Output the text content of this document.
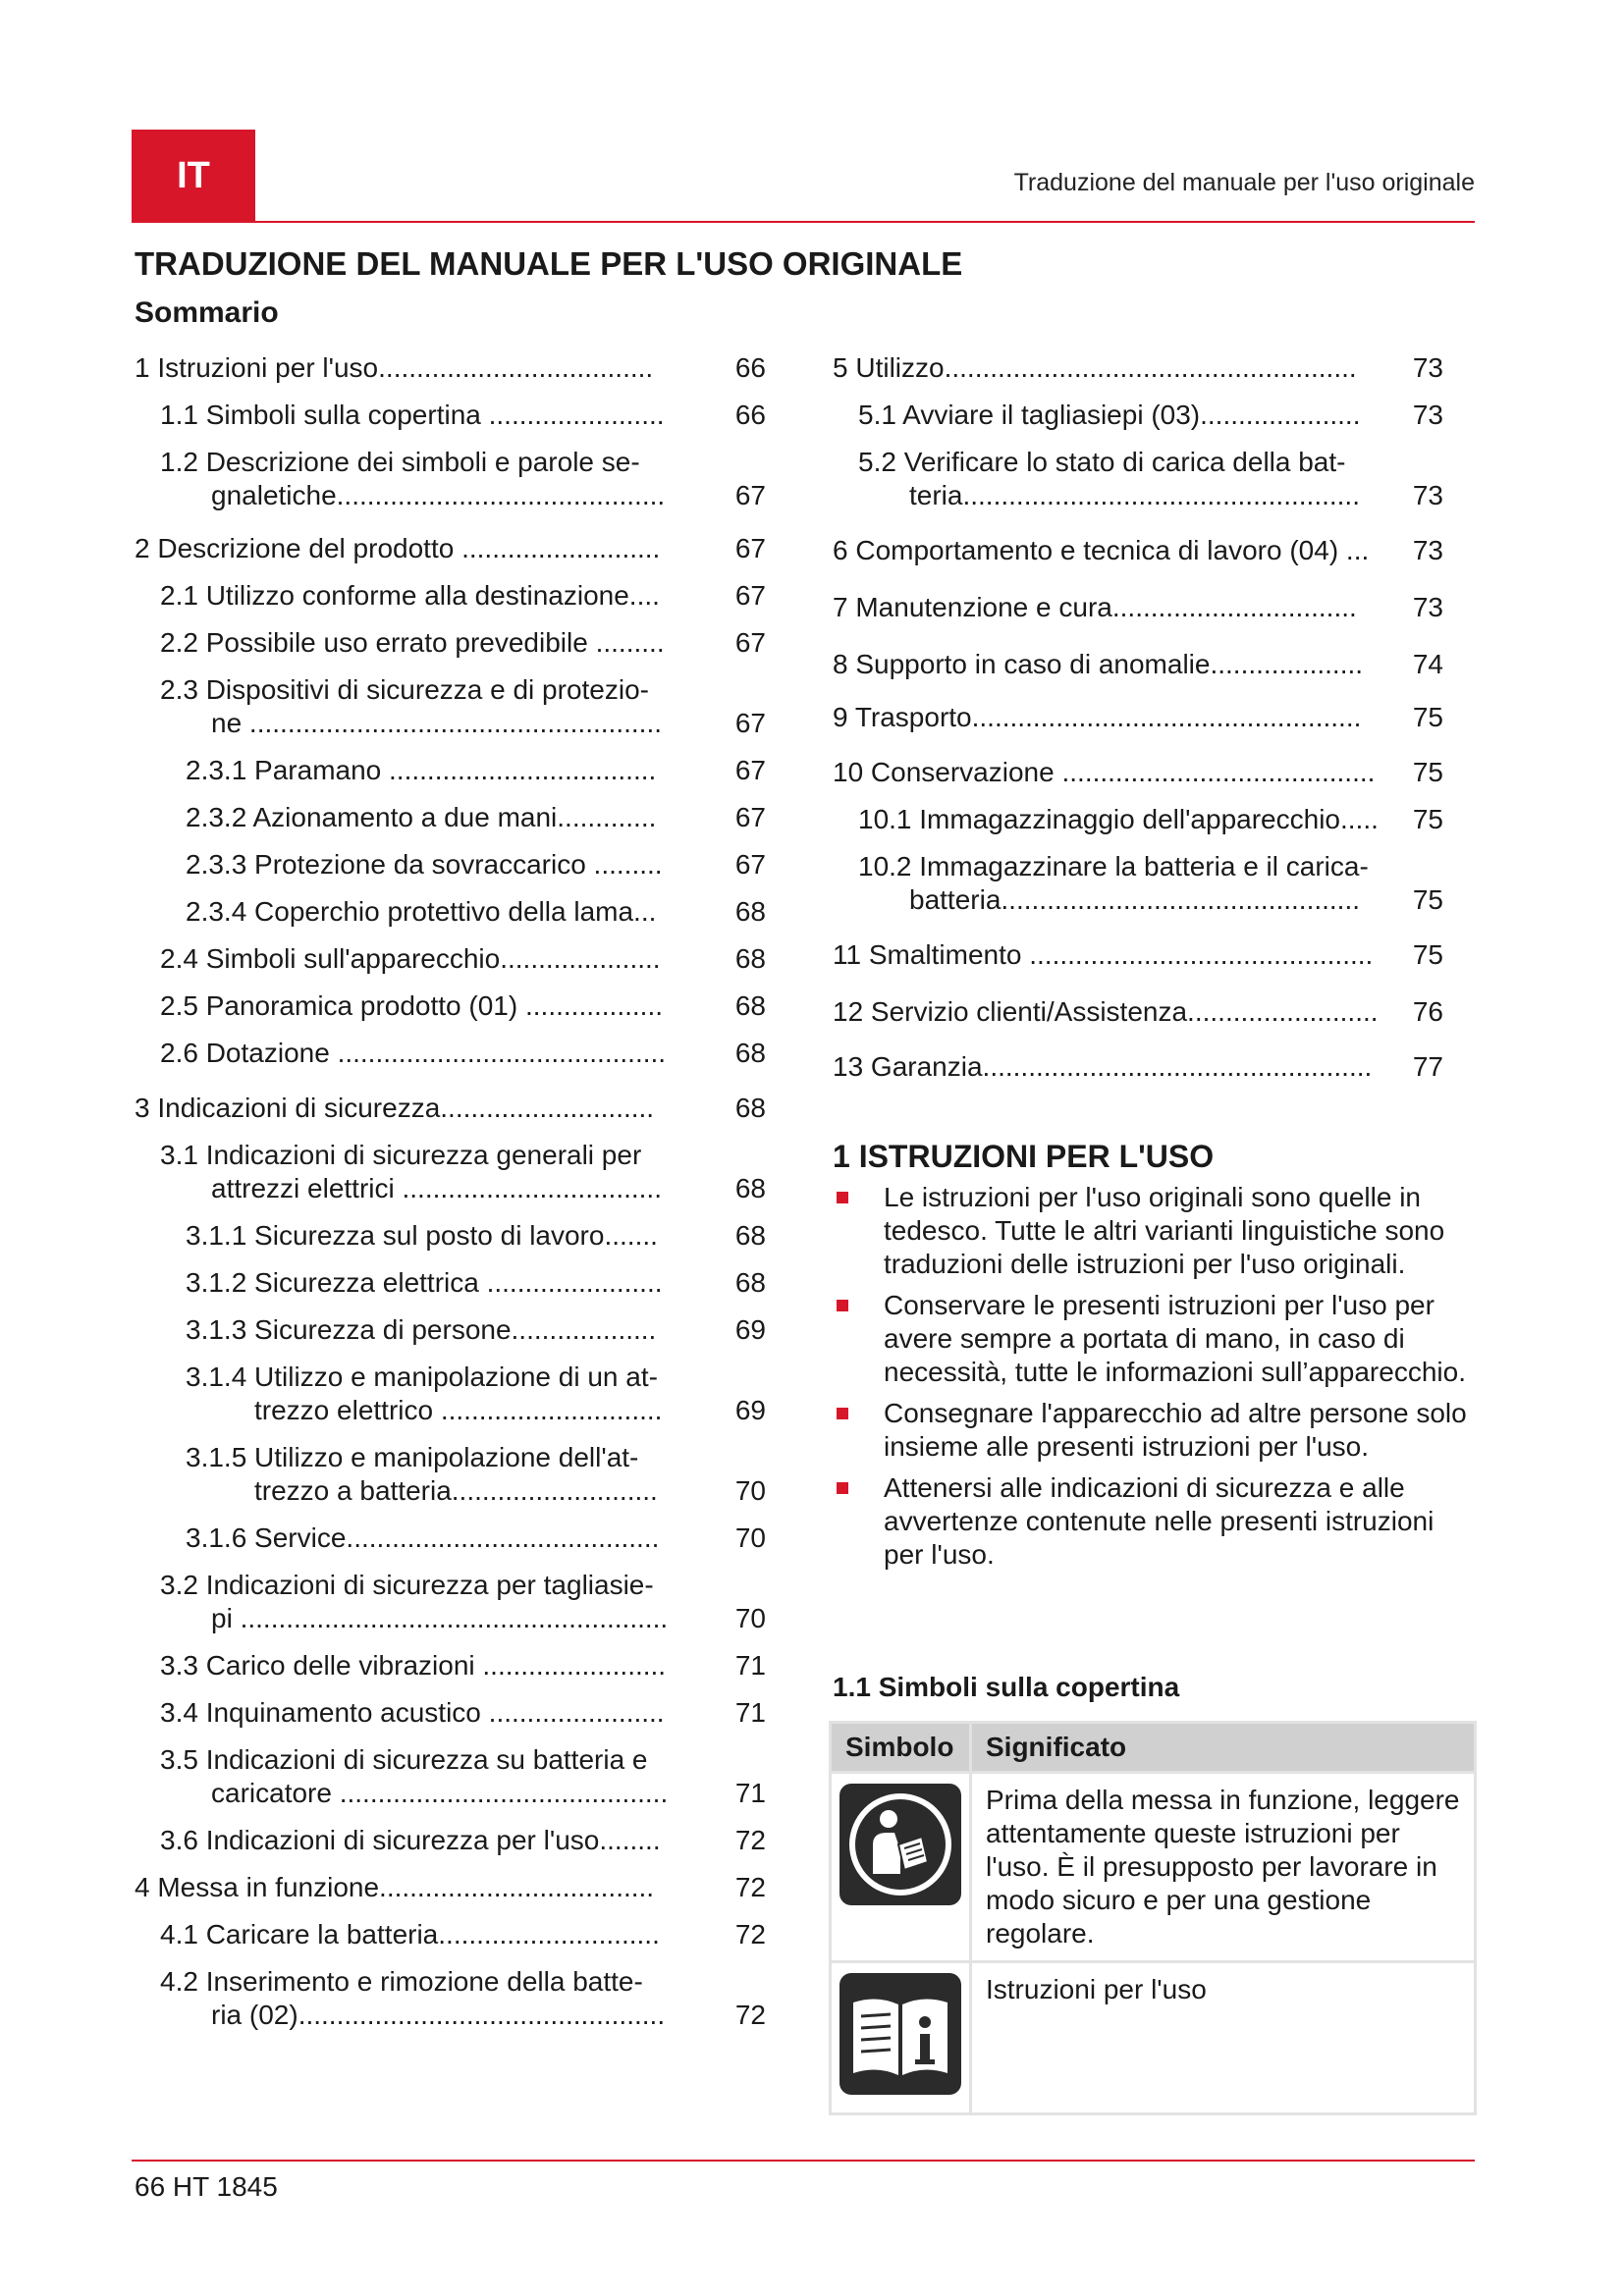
IT	Traduzione del manuale per l'uso originale
TRADUZIONE DEL MANUALE PER L'USO ORIGINALE
Sommario
1 Istruzioni per l'uso....................................	66
1.1 Simboli sulla copertina .......................	66
1.2 Descrizione dei simboli e parole se-
gnaletiche...........................................	67
2 Descrizione del prodotto ..........................	67
2.1 Utilizzo conforme alla destinazione....	67
2.2 Possibile uso errato prevedibile .........	67
2.3 Dispositivi di sicurezza e di protezio-
ne ......................................................	67
2.3.1 Paramano ...................................	67
2.3.2 Azionamento a due mani.............	67
2.3.3 Protezione da sovraccarico .........	67
2.3.4 Coperchio protettivo della lama...	68
2.4 Simboli sull'apparecchio.....................	68
2.5 Panoramica prodotto (01) ..................	68
2.6 Dotazione ...........................................	68
3 Indicazioni di sicurezza............................	68
3.1 Indicazioni di sicurezza generali per
attrezzi elettrici ..................................	68
3.1.1 Sicurezza sul posto di lavoro.......	68
3.1.2 Sicurezza elettrica .......................	68
3.1.3 Sicurezza di persone...................	69
3.1.4 Utilizzo e manipolazione di un at-
trezzo elettrico .............................	69
3.1.5 Utilizzo e manipolazione dell'at-
trezzo a batteria...........................	70
3.1.6 Service.........................................	70
3.2 Indicazioni di sicurezza per tagliasie-
pi ........................................................	70
3.3 Carico delle vibrazioni ........................	71
3.4 Inquinamento acustico .......................	71
3.5 Indicazioni di sicurezza su batteria e
caricatore ...........................................	71
3.6 Indicazioni di sicurezza per l'uso........	72
4 Messa in funzione....................................	72
4.1 Caricare la batteria.............................	72
4.2 Inserimento e rimozione della batte-
ria (02)................................................	72
5 Utilizzo......................................................	73
5.1 Avviare il tagliasiepi (03).....................	73
5.2 Verificare lo stato di carica della bat-
teria....................................................	73
6 Comportamento e tecnica di lavoro (04) ...	73
7 Manutenzione e cura................................	73
8 Supporto in caso di anomalie....................	74
9 Trasporto...................................................	75
10 Conservazione .........................................	75
10.1 Immagazzinaggio dell'apparecchio.....	75
10.2 Immagazzinare la batteria e il carica-
batteria...............................................	75
11 Smaltimento .............................................	75
12 Servizio clienti/Assistenza.........................	76
13 Garanzia...................................................	77
1 ISTRUZIONI PER L'USO
Le istruzioni per l'uso originali sono quelle in tedesco. Tutte le altri varianti linguistiche sono traduzioni delle istruzioni per l'uso originali.
Conservare le presenti istruzioni per l'uso per avere sempre a portata di mano, in caso di necessità, tutte le informazioni sull’apparecchio.
Consegnare l'apparecchio ad altre persone solo insieme alle presenti istruzioni per l'uso.
Attenersi alle indicazioni di sicurezza e alle avvertenze contenute nelle presenti istruzioni per l'uso.
1.1 Simboli sulla copertina
Simbolo	Significato
	Prima della messa in funzione, leggere attentamente queste istruzioni per l'uso. È il presupposto per lavorare in modo sicuro e per una gestione regolare.
	Istruzioni per l'uso
66 HT 1845
